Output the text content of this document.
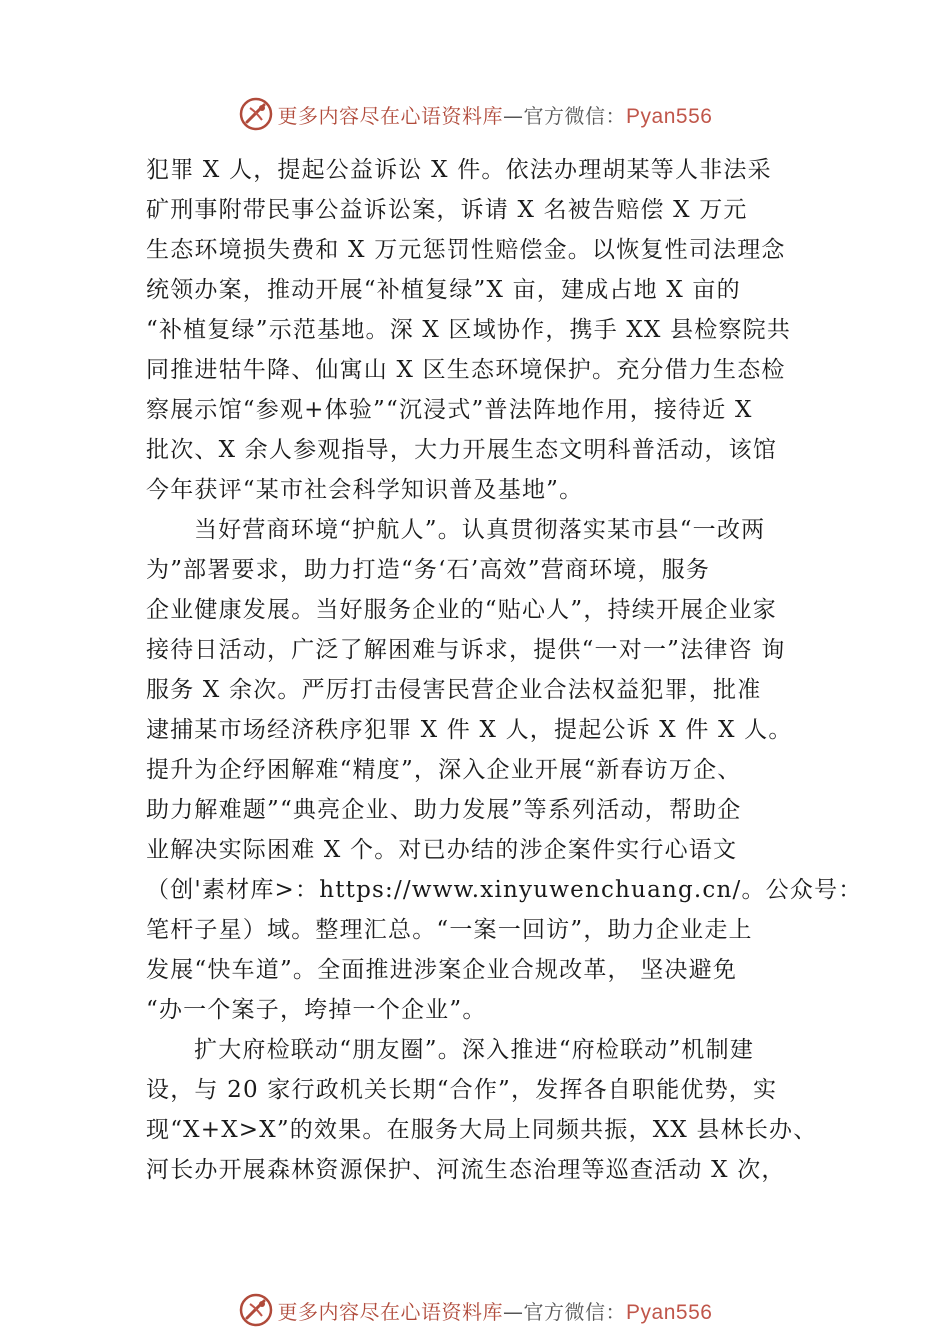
更多内容尽在心语资料库—官方微信：Pyan556
犯罪 X 人，提起公益诉讼 X 件。依法办理胡某等人非法采
矿刑事附带民事公益诉讼案，诉请 X 名被告赔偿 X 万元
生态环境损失费和 X 万元惩罚性赔偿金。以恢复性司法理念
统领办案，推动开展“补植复绿”X 亩，建成占地 X 亩的
“补植复绿”示范基地。深 X 区域协作，携手 XX 县检察院共
同推进牯牛降、仙寓山 X 区生态环境保护。充分借力生态检
察展示馆“参观+体验”“沉浸式”普法阵地作用，接待近 X
批次、X 余人参观指导，大力开展生态文明科普活动，该馆
今年获评“某市社会科学知识普及基地”。
当好营商环境“护航人”。认真贯彻落实某市县“一改两
为”部署要求，助力打造“务‘石’高效”营商环境，服务
企业健康发展。当好服务企业的“贴心人”，持续开展企业家
接待日活动，广泛了解困难与诉求，提供“一对一”法律咨 询
服务 X 余次。严厉打击侵害民营企业合法权益犯罪，批准
逮捕某市场经济秩序犯罪 X 件 X 人，提起公诉 X 件 X 人。
提升为企纾困解难“精度”，深入企业开展“新春访万企、
助力解难题”“典亮企业、助力发展”等系列活动，帮助企
业解决实际困难 X 个。对已办结的涉企案件实行心语文
（创'素材库>：https://www.xinyuwenchuang.cn/。公众号：
笔杆子星）域。整理汇总。“一案一回访”，助力企业走上
发展“快车道”。全面推进涉案企业合规改革， 坚决避免
“办一个案子，垮掉一个企业”。
扩大府检联动“朋友圈”。深入推进“府检联动”机制建
设，与 20 家行政机关长期“合作”，发挥各自职能优势，实
现“X+X>X”的效果。在服务大局上同频共振，XX 县林长办、
河长办开展森林资源保护、河流生态治理等巡查活动 X 次，
更多内容尽在心语资料库—官方微信：Pyan556
